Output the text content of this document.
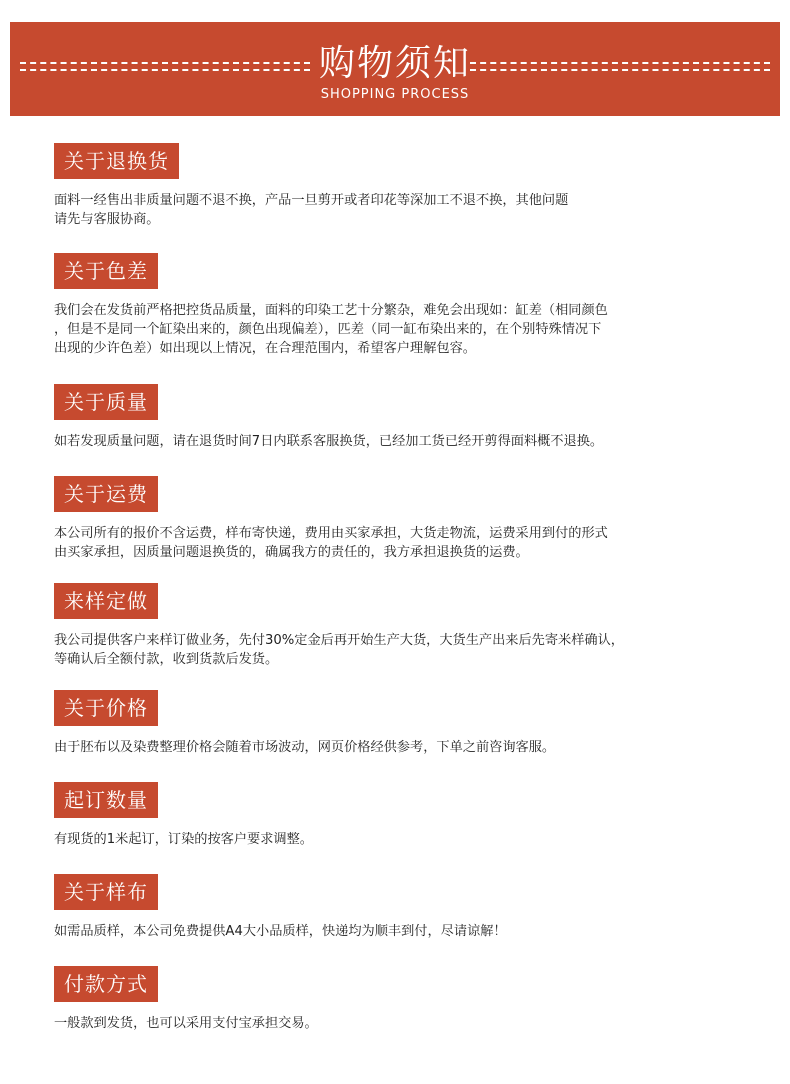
购物须知
SHOPPING PROCESS
关于退换货
面料一经售出非质量问题不退不换，产品一旦剪开或者印花等深加工不退不换，其他问题
请先与客服协商。
关于色差
我们会在发货前严格把控货品质量，面料的印染工艺十分繁杂，难免会出现如：缸差（相同颜色
，但是不是同一个缸染出来的，颜色出现偏差），匹差（同一缸布染出来的，在个别特殊情况下
出现的少许色差）如出现以上情况，在合理范围内，希望客户理解包容。
关于质量
如若发现质量问题，请在退货时间7日内联系客服换货，已经加工货已经开剪得面料概不退换。
关于运费
本公司所有的报价不含运费，样布寄快递，费用由买家承担，大货走物流，运费采用到付的形式
由买家承担，因质量问题退换货的，确属我方的责任的，我方承担退换货的运费。
来样定做
我公司提供客户来样订做业务，先付30%定金后再开始生产大货，大货生产出来后先寄米样确认，
等确认后全额付款，收到货款后发货。
关于价格
由于胚布以及染费整理价格会随着市场波动，网页价格经供参考，下单之前咨询客服。
起订数量
有现货的1米起订，订染的按客户要求调整。
关于样布
如需品质样，本公司免费提供A4大小品质样，快递均为顺丰到付，尽请谅解！
付款方式
一般款到发货，也可以采用支付宝承担交易。
